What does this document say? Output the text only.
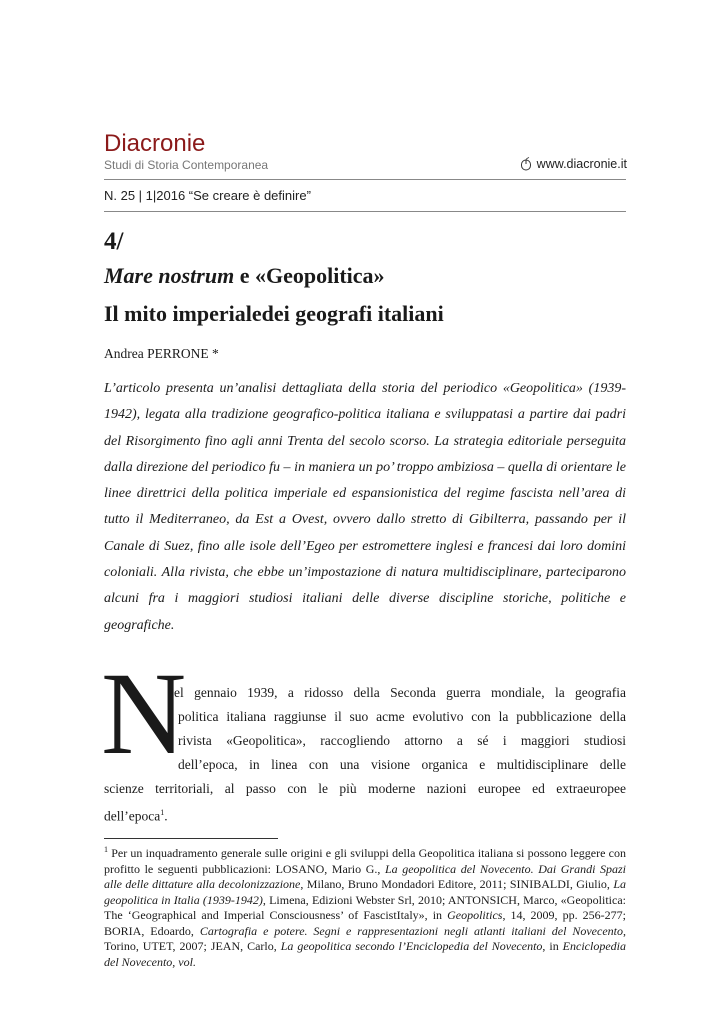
Diacronie
Studi di Storia Contemporanea	www.diacronie.it
N. 25 | 1|2016 “Se creare è definire”
4/
Mare nostrum e «Geopolitica»
Il mito imperialedei geografi italiani
Andrea PERRONE *
L’articolo presenta un’analisi dettagliata della storia del periodico «Geopolitica» (1939-1942), legata alla tradizione geografico-politica italiana e sviluppatasi a partire dai padri del Risorgimento fino agli anni Trenta del secolo scorso. La strategia editoriale perseguita dalla direzione del periodico fu – in maniera un po’ troppo ambiziosa – quella di orientare le linee direttrici della politica imperiale ed espansionistica del regime fascista nell’area di tutto il Mediterraneo, da Est a Ovest, ovvero dallo stretto di Gibilterra, passando per il Canale di Suez, fino alle isole dell’Egeo per estromettere inglesi e francesi dai loro domini coloniali. Alla rivista, che ebbe un’impostazione di natura multidisciplinare, parteciparono alcuni fra i maggiori studiosi italiani delle diverse discipline storiche, politiche e geografiche.
N
el gennaio 1939, a ridosso della Seconda guerra mondiale, la geografia
politica italiana raggiunse il suo acme evolutivo con la pubblicazione della
rivista «Geopolitica», raccogliendo attorno a sé i maggiori studiosi
dell’epoca, in linea con una visione organica e multidisciplinare delle
scienze territoriali, al passo con le più moderne nazioni europee ed extraeuropee
dell’epoca$^1$.
$^1$ Per un inquadramento generale sulle origini e gli sviluppi della Geopolitica italiana si possono leggere con profitto le seguenti pubblicazioni: LOSANO, Mario G., La geopolitica del Novecento. Dai Grandi Spazi alle delle dittature alla decolonizzazione, Milano, Bruno Mondadori Editore, 2011; SINIBALDI, Giulio, La geopolitica in Italia (1939-1942), Limena, Edizioni Webster Srl, 2010; ANTONSICH, Marco, «Geopolitica: The ‘Geographical and Imperial Consciousness’ of FascistItaly», in Geopolitics, 14, 2009, pp. 256-277; BORIA, Edoardo, Cartografia e potere. Segni e rappresentazioni negli atlanti italiani del Novecento, Torino, UTET, 2007; JEAN, Carlo, La geopolitica secondo l’Enciclopedia del Novecento, in Enciclopedia del Novecento, vol.
